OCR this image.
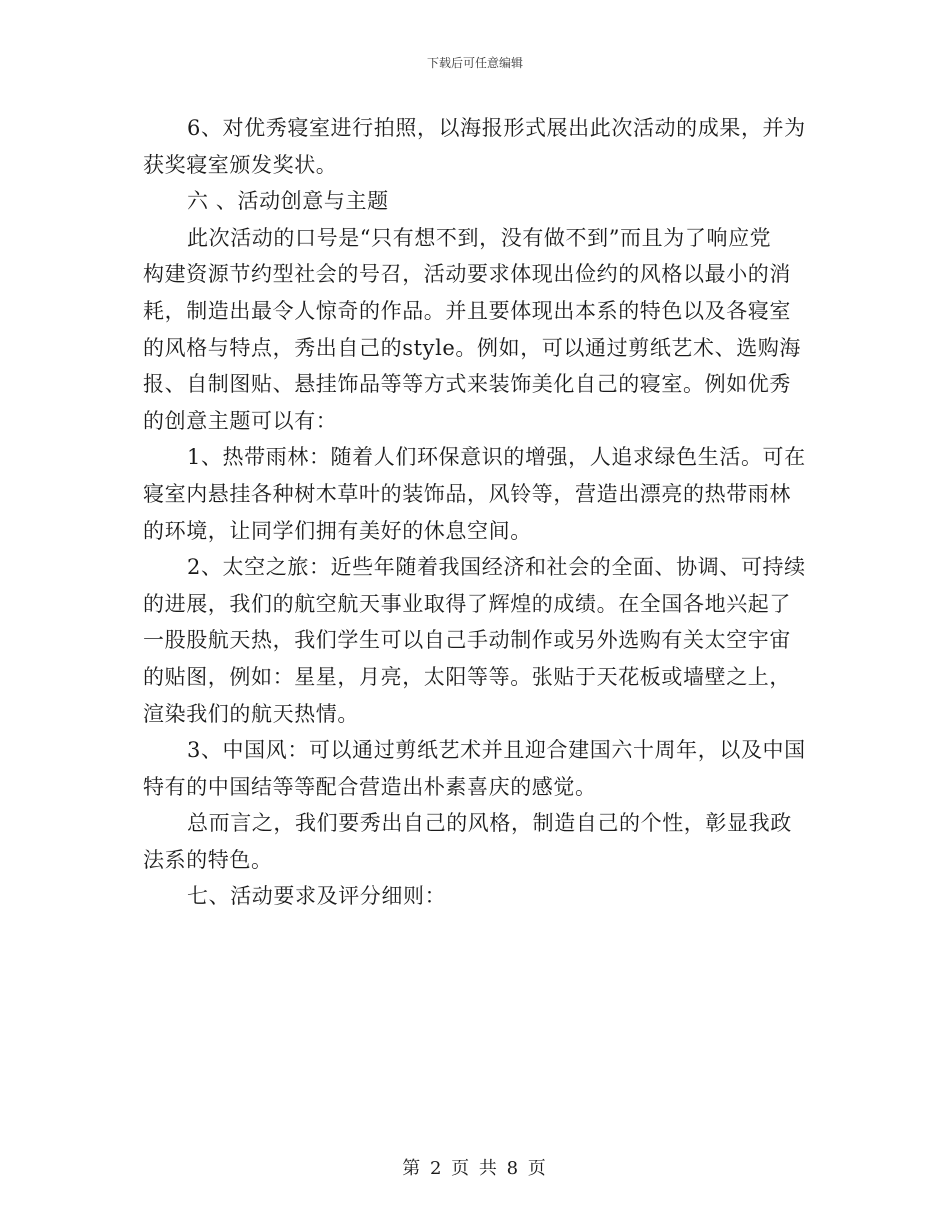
下载后可任意编辑
6、对优秀寝室进行拍照，以海报形式展出此次活动的成果，并为
获奖寝室颁发奖状。
六 、活动创意与主题
此次活动的口号是“只有想不到，没有做不到”而且为了响应党
构建资源节约型社会的号召，活动要求体现出俭约的风格以最小的消
耗，制造出最令人惊奇的作品。并且要体现出本系的特色以及各寝室
的风格与特点，秀出自己的style。例如，可以通过剪纸艺术、选购海
报、自制图贴、悬挂饰品等等方式来装饰美化自己的寝室。例如优秀
的创意主题可以有：
1、热带雨林：随着人们环保意识的增强，人追求绿色生活。可在
寝室内悬挂各种树木草叶的装饰品，风铃等，营造出漂亮的热带雨林
的环境，让同学们拥有美好的休息空间。
2、太空之旅：近些年随着我国经济和社会的全面、协调、可持续
的进展，我们的航空航天事业取得了辉煌的成绩。在全国各地兴起了
一股股航天热，我们学生可以自己手动制作或另外选购有关太空宇宙
的贴图，例如：星星，月亮，太阳等等。张贴于天花板或墙壁之上，
渲染我们的航天热情。
3、中国风：可以通过剪纸艺术并且迎合建国六十周年，以及中国
特有的中国结等等配合营造出朴素喜庆的感觉。
总而言之，我们要秀出自己的风格，制造自己的个性，彰显我政
法系的特色。
七、活动要求及评分细则：
第 2 页 共 8 页
